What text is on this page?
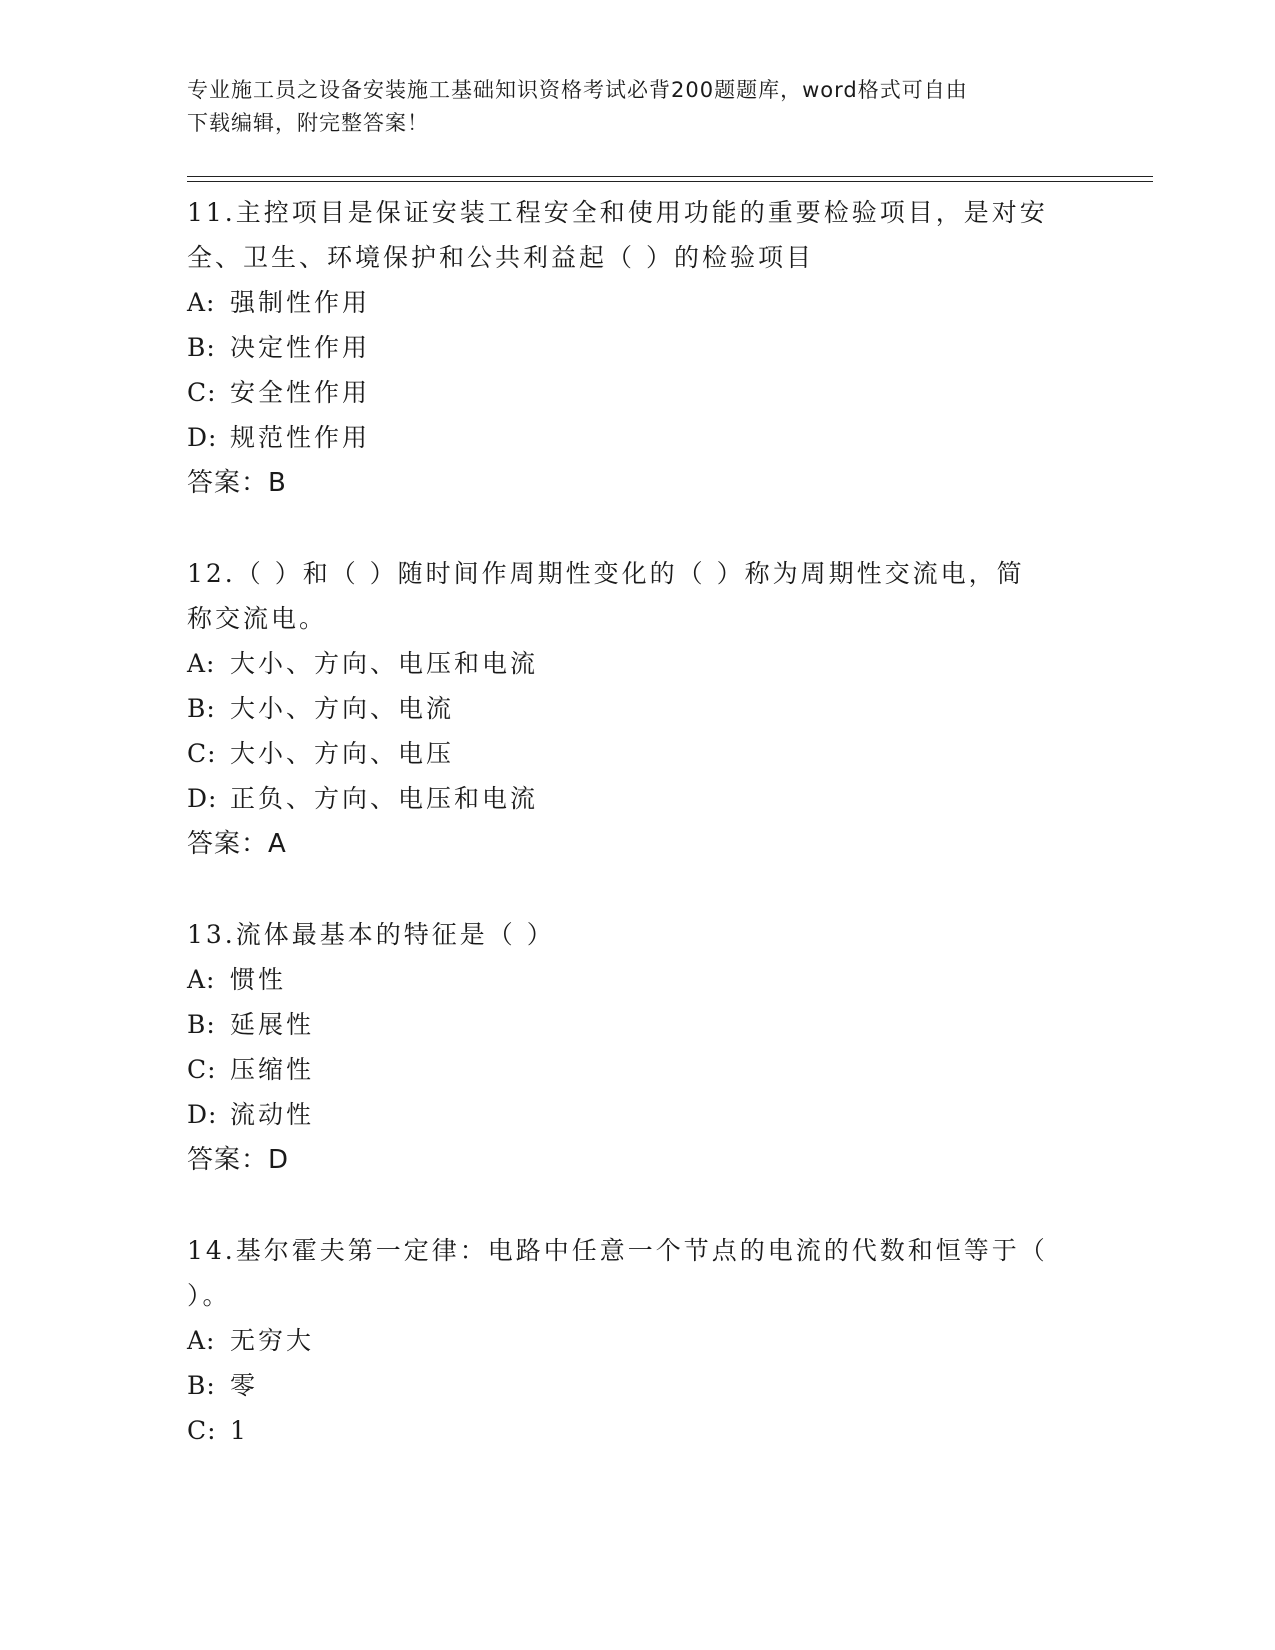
专业施工员之设备安装施工基础知识资格考试必背200题题库，word格式可自由
下载编辑，附完整答案！
11.主控项目是保证安装工程安全和使用功能的重要检验项目，是对安
全、卫生、环境保护和公共利益起（ ）的检验项目
A: 强制性作用
B: 决定性作用
C: 安全性作用
D: 规范性作用
答案：B
12.（ ）和（ ）随时间作周期性变化的（ ）称为周期性交流电，简
称交流电。
A: 大小、方向、电压和电流
B: 大小、方向、电流
C: 大小、方向、电压
D: 正负、方向、电压和电流
答案：A
13.流体最基本的特征是（ ）
A: 惯性
B: 延展性
C: 压缩性
D: 流动性
答案：D
14.基尔霍夫第一定律：电路中任意一个节点的电流的代数和恒等于（
）。
A: 无穷大
B: 零
C: 1
